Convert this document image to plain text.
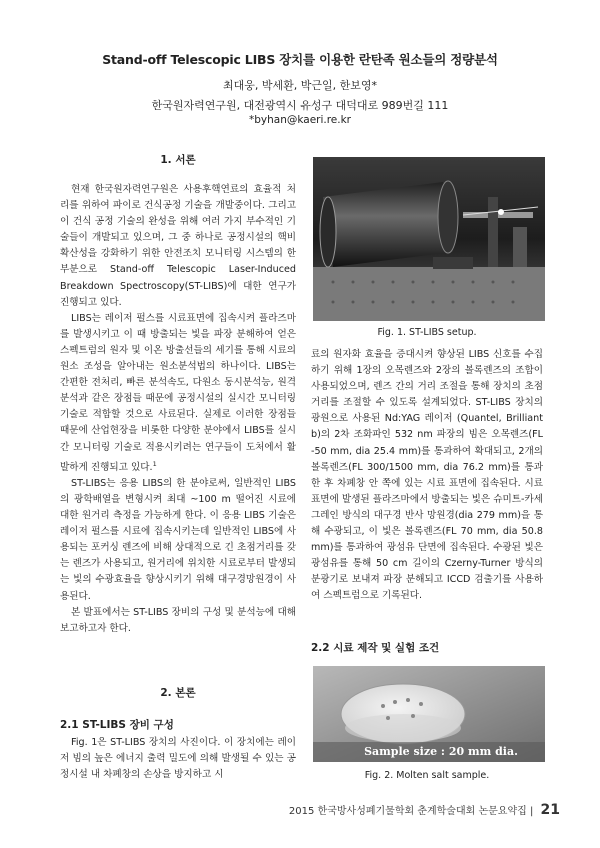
Stand-off Telescopic LIBS 장치를 이용한 란탄족 원소들의 정량분석
최대웅, 박세환, 박근일, 한보영*
한국원자력연구원, 대전광역시 유성구 대덕대로 989번길 111
*byhan@kaeri.re.kr
1. 서론

현재 한국원자력연구원은 사용후핵연료의 효율적 처리를 위하여 파이로 건식공정 기술을 개발중이다. 그리고 이 건식 공정 기술의 완성을 위해 여러 가지 부수적인 기술들이 개발되고 있으며, 그 중 하나로 공정시설의 핵비확산성을 강화하기 위한 안전조치 모니터링 시스템의 한 부분으로 Stand-off Telescopic Laser-Induced Breakdown Spectroscopy(ST-LIBS)에 대한 연구가 진행되고 있다.

LIBS는 레이저 펄스를 시료표면에 집속시켜 플라즈마를 발생시키고 이 때 방출되는 빛을 파장 분해하여 얻은 스펙트럼의 원자 및 이온 방출선들의 세기를 통해 시료의 원소 조성을 알아내는 원소분석법의 하나이다. LIBS는 간편한 전처리, 빠른 분석속도, 다원소 동시분석능, 원격분석과 같은 장점들 때문에 공정시설의 실시간 모니터링 기술로 적합할 것으로 사료된다. 실제로 이러한 장점들 때문에 산업현장을 비롯한 다양한 분야에서 LIBS를 실시간 모니터링 기술로 적용시키려는 연구들이 도처에서 활발하게 진행되고 있다.$^1$

ST-LIBS는 응용 LIBS의 한 분야로써, 일반적인 LIBS의 광학배열을 변형시켜 최대 ~100 m 떨어진 시료에 대한 원거리 측정을 가능하게 한다. 이 응용 LIBS 기술은 레이저 펄스를 시료에 집속시키는데 일반적인 LIBS에 사용되는 포커싱 렌즈에 비해 상대적으로 긴 초점거리를 갖는 렌즈가 사용되고, 원거리에 위치한 시료로부터 발생되는 빛의 수광효율을 향상시키기 위해 대구경망원경이 사용된다.

본 발표에서는 ST-LIBS 장비의 구성 및 분석능에 대해 보고하고자 한다.

2. 본론
2.1 ST-LIBS 장비 구성

Fig. 1은 ST-LIBS 장치의 사진이다. 이 장치에는 레이저 빔의 높은 에너지 출력 밀도에 의해 발생될 수 있는 공정시설 내 차폐창의 손상을 방지하고 시

Fig. 1. ST-LIBS setup.

료의 원자화 효율을 증대시켜 향상된 LIBS 신호를 수집하기 위해 1장의 오목렌즈와 2장의 볼록렌즈의 조합이 사용되었으며, 렌즈 간의 거리 조절을 통해 장치의 초점 거리를 조절할 수 있도록 설계되었다. ST-LIBS 장치의 광원으로 사용된 Nd:YAG 레이저 (Quantel, Brilliant b)의 2차 조화파인 532 nm 파장의 빔은 오목렌즈(FL -50 mm, dia 25.4 mm)를 통과하여 확대되고, 2개의 볼록렌즈(FL 300/1500 mm, dia 76.2 mm)를 통과한 후 차폐창 안 쪽에 있는 시료 표면에 집속된다. 시료 표면에 발생된 플라즈마에서 방출되는 빛은 슈미트-카세그레인 방식의 대구경 반사 망원경(dia 279 mm)을 통해 수광되고, 이 빛은 볼록렌즈(FL 70 mm, dia 50.8 mm)를 통과하여 광섬유 단면에 집속된다. 수광된 빛은 광섬유를 통해 50 cm 길이의 Czerny-Turner 방식의 분광기로 보내져 파장 분해되고 ICCD 검출기를 사용하여 스펙트럼으로 기록된다.

2.2 시료 제작 및 실험 조건
Sample size : 20 mm dia.
Fig. 2. Molten salt sample.
2015 한국방사성폐기물학회 춘계학술대회 논문요약집 | 21
